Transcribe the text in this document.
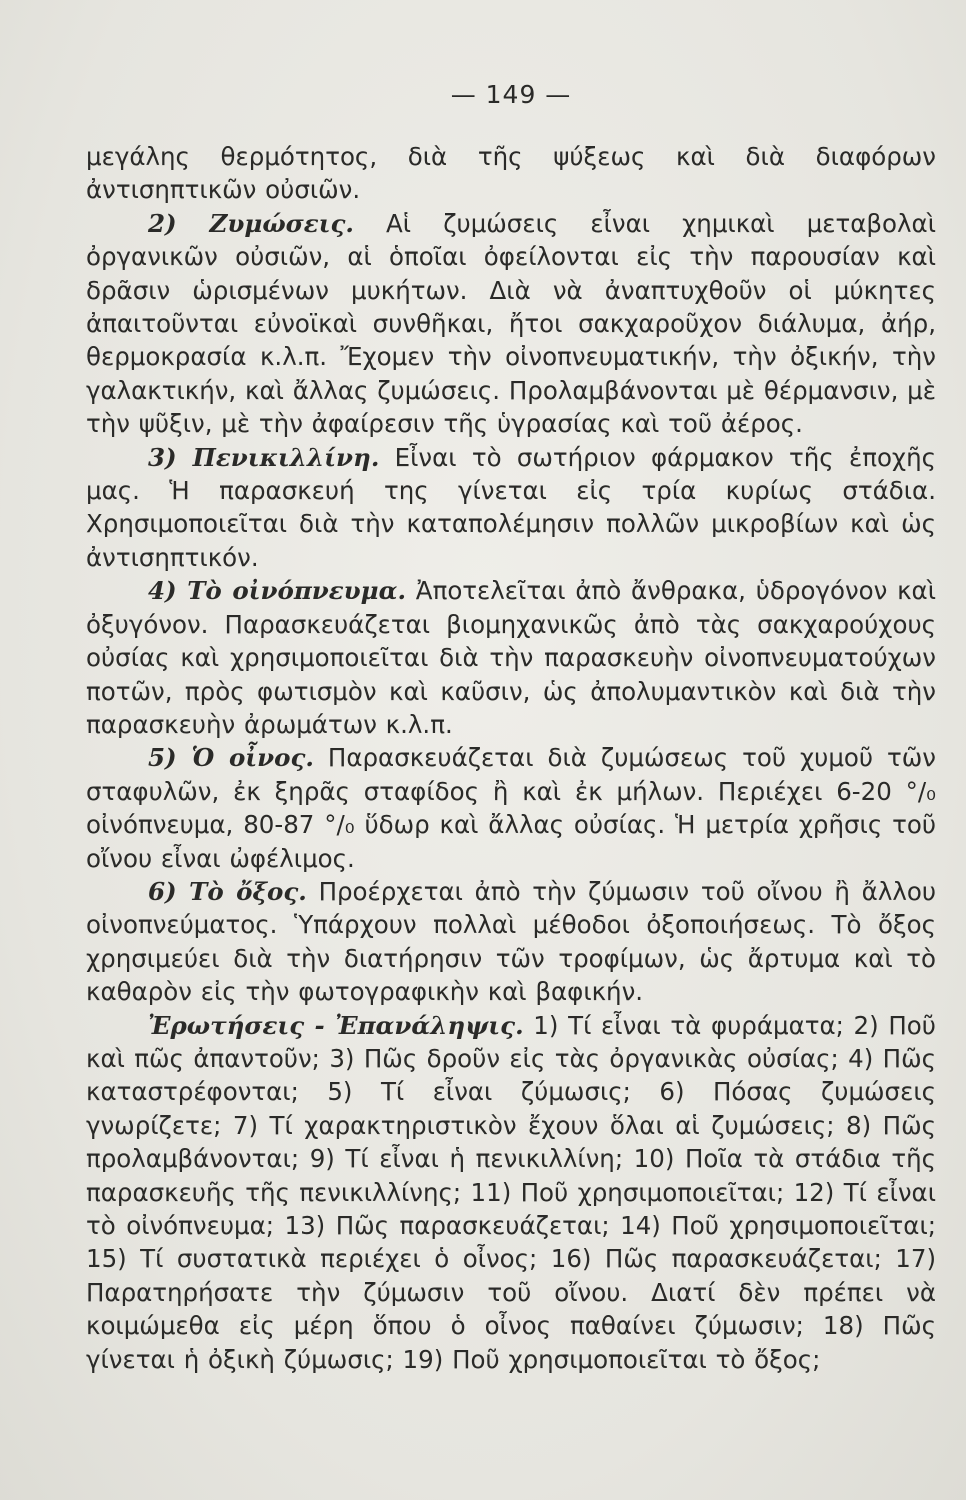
— 149 —

μεγάλης θερμότητος, διὰ τῆς ψύξεως καὶ διὰ διαφόρων ἀντισηπτικῶν οὐσιῶν.

2) Ζυμώσεις. Αἱ ζυμώσεις εἶναι χημικαὶ μεταβολαὶ ὀργανικῶν οὐσιῶν, αἱ ὁποῖαι ὀφείλονται εἰς τὴν παρουσίαν καὶ δρᾶσιν ὡρισμένων μυκήτων. Διὰ νὰ ἀναπτυχθοῦν οἱ μύκητες ἀπαιτοῦνται εὐνοϊκαὶ συνθῆκαι, ἤτοι σακχαροῦχον διάλυμα, ἀήρ, θερμοκρασία κ.λ.π. Ἔχομεν τὴν οἰνοπνευματικήν, τὴν ὀξικήν, τὴν γαλακτικήν, καὶ ἄλλας ζυμώσεις. Προλαμβάνονται μὲ θέρμανσιν, μὲ τὴν ψῦξιν, μὲ τὴν ἀφαίρεσιν τῆς ὑγρασίας καὶ τοῦ ἀέρος.

3) Πενικιλλίνη. Εἶναι τὸ σωτήριον φάρμακον τῆς ἐποχῆς μας. Ἡ παρασκευή της γίνεται εἰς τρία κυρίως στάδια. Χρησιμοποιεῖται διὰ τὴν καταπολέμησιν πολλῶν μικροβίων καὶ ὡς ἀντισηπτικόν.

4) Τὸ οἰνόπνευμα. Ἀποτελεῖται ἀπὸ ἄνθρακα, ὑδρογόνον καὶ ὀξυγόνον. Παρασκευάζεται βιομηχανικῶς ἀπὸ τὰς σακχαρούχους οὐσίας καὶ χρησιμοποιεῖται διὰ τὴν παρασκευὴν οἰνοπνευματούχων ποτῶν, πρὸς φωτισμὸν καὶ καῦσιν, ὡς ἀπολυμαντικὸν καὶ διὰ τὴν παρασκευὴν ἀρωμάτων κ.λ.π.

5) Ὁ οἶνος. Παρασκευάζεται διὰ ζυμώσεως τοῦ χυμοῦ τῶν σταφυλῶν, ἐκ ξηρᾶς σταφίδος ἢ καὶ ἐκ μήλων. Περιέχει 6-20 °/₀ οἰνόπνευμα, 80-87 °/₀ ὕδωρ καὶ ἄλλας οὐσίας. Ἡ μετρία χρῆσις τοῦ οἴνου εἶναι ὠφέλιμος.

6) Τὸ ὄξος. Προέρχεται ἀπὸ τὴν ζύμωσιν τοῦ οἴνου ἢ ἄλλου οἰνοπνεύματος. Ὑπάρχουν πολλαὶ μέθοδοι ὀξοποιήσεως. Τὸ ὄξος χρησιμεύει διὰ τὴν διατήρησιν τῶν τροφίμων, ὡς ἄρτυμα καὶ τὸ καθαρὸν εἰς τὴν φωτογραφικὴν καὶ βαφικήν.

Ἐρωτήσεις - Ἐπανάληψις. 1) Τί εἶναι τὰ φυράματα; 2) Ποῦ καὶ πῶς ἀπαντοῦν; 3) Πῶς δροῦν εἰς τὰς ὀργανικὰς οὐσίας; 4) Πῶς καταστρέφονται; 5) Τί εἶναι ζύμωσις; 6) Πόσας ζυμώσεις γνωρίζετε; 7) Τί χαρακτηριστικὸν ἔχουν ὅλαι αἱ ζυμώσεις; 8) Πῶς προλαμβάνονται; 9) Τί εἶναι ἡ πενικιλλίνη; 10) Ποῖα τὰ στάδια τῆς παρασκευῆς τῆς πενικιλλίνης; 11) Ποῦ χρησιμοποιεῖται; 12) Τί εἶναι τὸ οἰνόπνευμα; 13) Πῶς παρασκευάζεται; 14) Ποῦ χρησιμοποιεῖται; 15) Τί συστατικὰ περιέχει ὁ οἶνος; 16) Πῶς παρασκευάζεται; 17) Παρατηρήσατε τὴν ζύμωσιν τοῦ οἴνου. Διατί δὲν πρέπει νὰ κοιμώμεθα εἰς μέρη ὅπου ὁ οἶνος παθαίνει ζύμωσιν; 18) Πῶς γίνεται ἡ ὀξικὴ ζύμωσις; 19) Ποῦ χρησιμοποιεῖται τὸ ὄξος;
